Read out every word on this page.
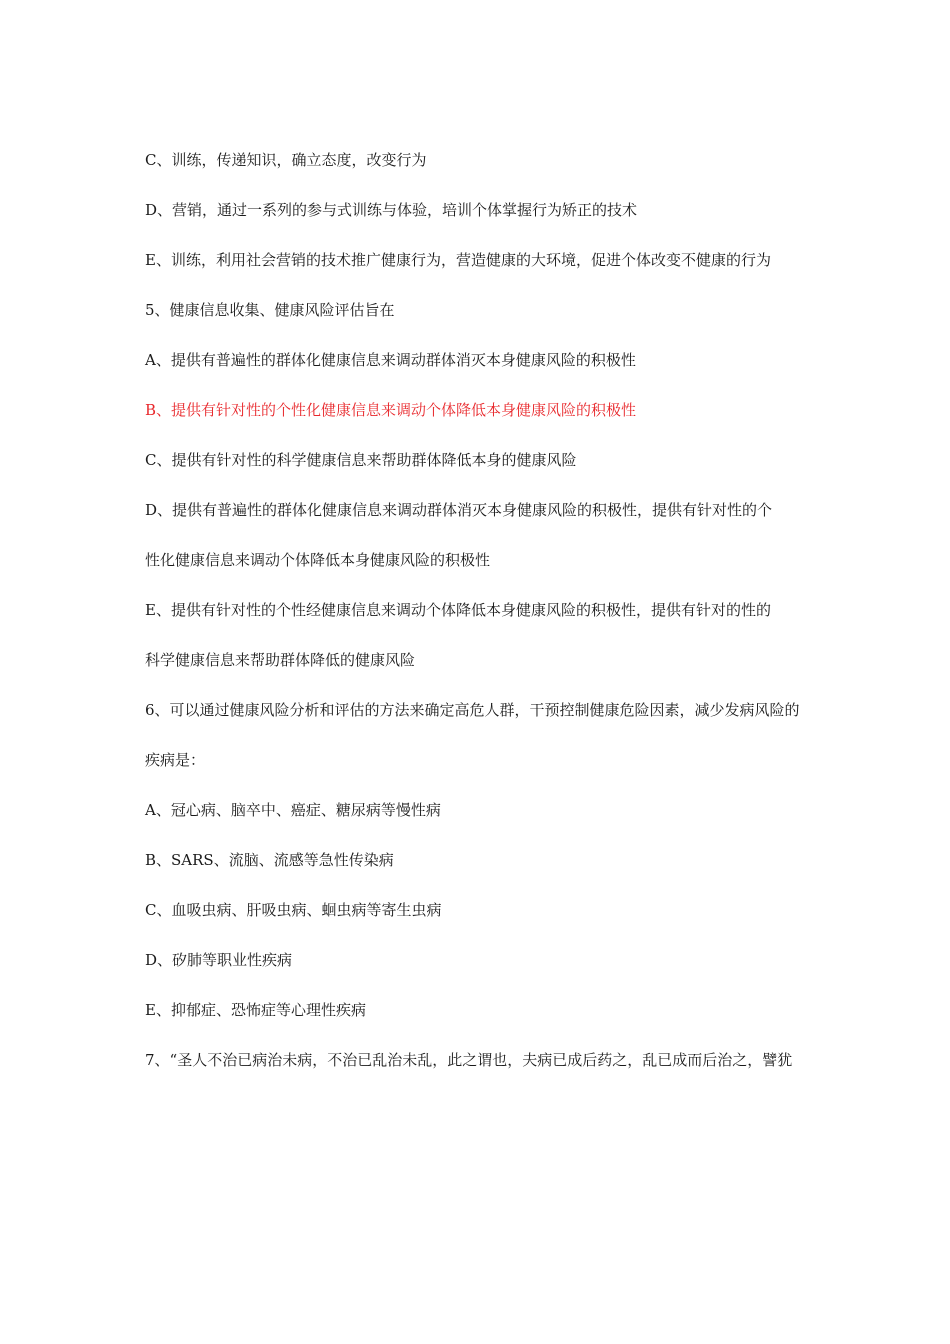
C、训练，传递知识，确立态度，改变行为

D、营销，通过一系列的参与式训练与体验，培训个体掌握行为矫正的技术

E、训练，利用社会营销的技术推广健康行为，营造健康的大环境，促进个体改变不健康的行为

5、健康信息收集、健康风险评估旨在

A、提供有普遍性的群体化健康信息来调动群体消灭本身健康风险的积极性

B、提供有针对性的个性化健康信息来调动个体降低本身健康风险的积极性

C、提供有针对性的科学健康信息来帮助群体降低本身的健康风险

D、提供有普遍性的群体化健康信息来调动群体消灭本身健康风险的积极性，提供有针对性的个

性化健康信息来调动个体降低本身健康风险的积极性

E、提供有针对性的个性经健康信息来调动个体降低本身健康风险的积极性，提供有针对的性的

科学健康信息来帮助群体降低的健康风险

6、可以通过健康风险分析和评估的方法来确定高危人群，干预控制健康危险因素，减少发病风险的

疾病是：

A、冠心病、脑卒中、癌症、糖尿病等慢性病

B、SARS、流脑、流感等急性传染病

C、血吸虫病、肝吸虫病、蛔虫病等寄生虫病

D、矽肺等职业性疾病

E、抑郁症、恐怖症等心理性疾病

7、“圣人不治已病治未病，不治已乱治未乱，此之谓也，夫病已成后药之，乱已成而后治之，譬犹
